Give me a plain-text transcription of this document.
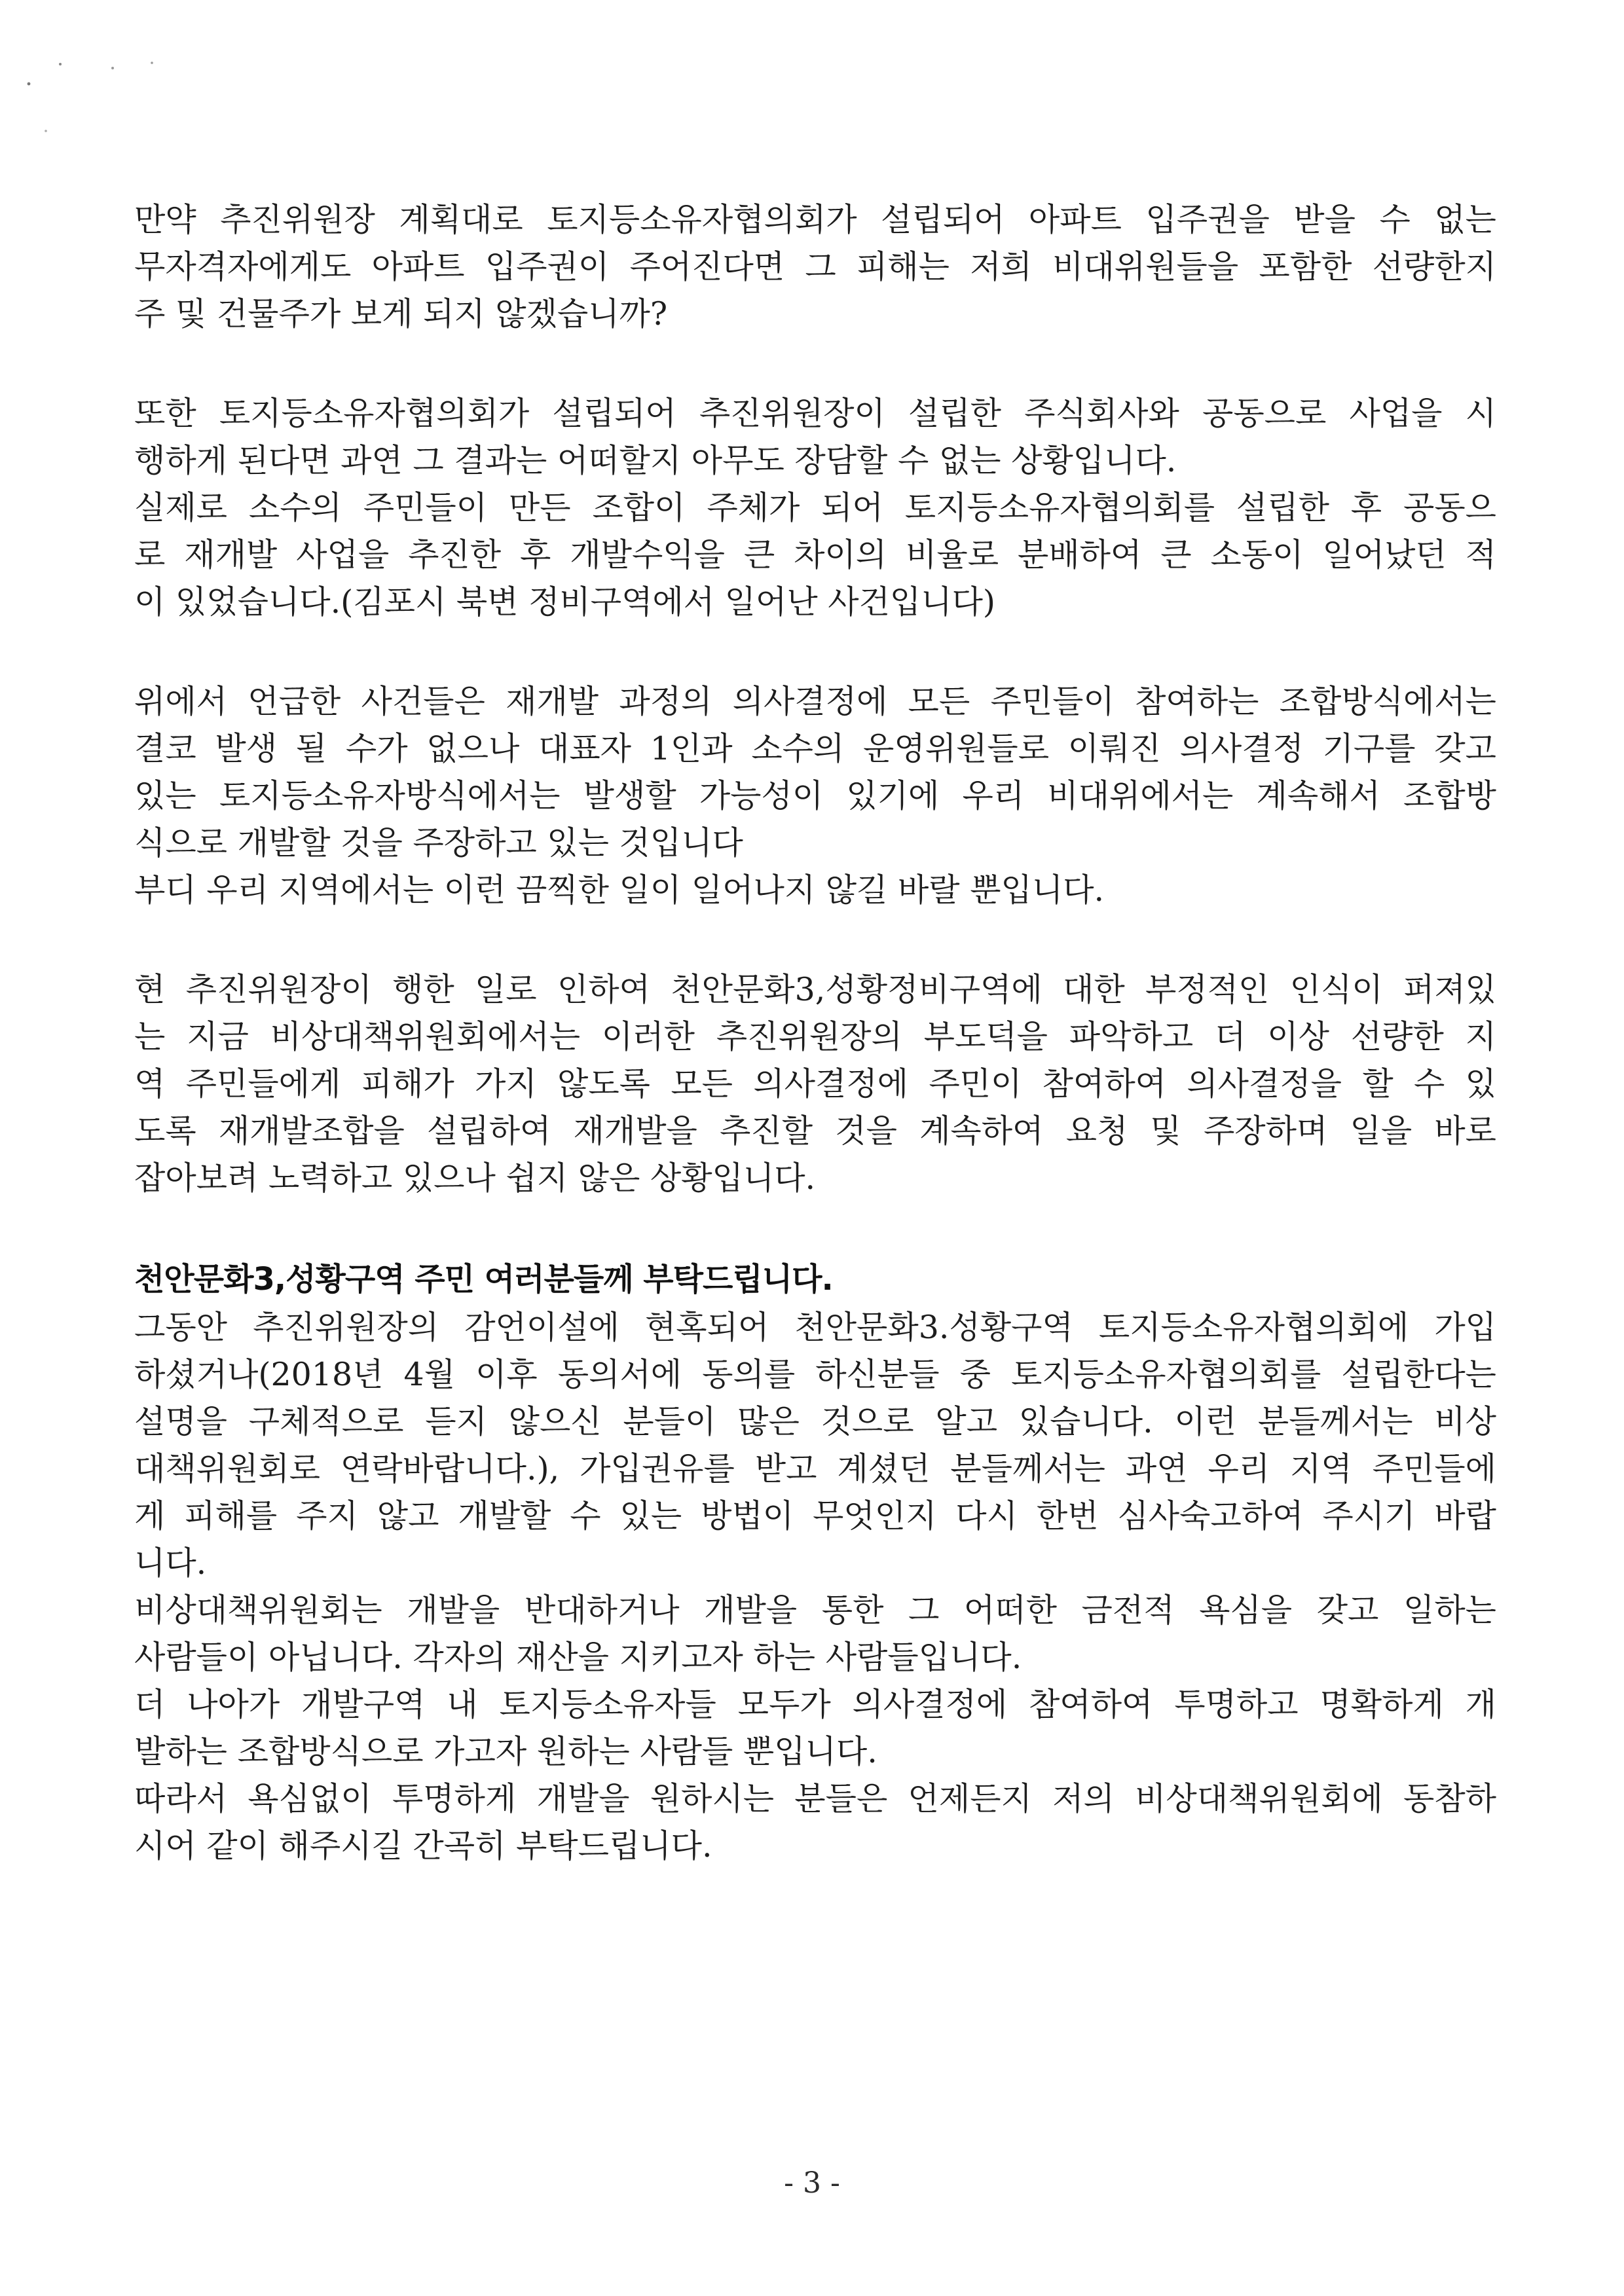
만약 추진위원장 계획대로 토지등소유자협의회가 설립되어 아파트 입주권을 받을 수 없는
무자격자에게도 아파트 입주권이 주어진다면 그 피해는 저희 비대위원들을 포함한 선량한지
주 및 건물주가 보게 되지 않겠습니까?
또한 토지등소유자협의회가 설립되어 추진위원장이 설립한 주식회사와 공동으로 사업을 시
행하게 된다면 과연 그 결과는 어떠할지 아무도 장담할 수 없는 상황입니다.
실제로 소수의 주민들이 만든 조합이 주체가 되어 토지등소유자협의회를 설립한 후 공동으
로 재개발 사업을 추진한 후 개발수익을 큰 차이의 비율로 분배하여 큰 소동이 일어났던 적
이 있었습니다.(김포시 북변 정비구역에서 일어난 사건입니다)
위에서 언급한 사건들은 재개발 과정의 의사결정에 모든 주민들이 참여하는 조합방식에서는
결코 발생 될 수가 없으나 대표자 1인과 소수의 운영위원들로 이뤄진 의사결정 기구를 갖고
있는 토지등소유자방식에서는 발생할 가능성이 있기에 우리 비대위에서는 계속해서 조합방
식으로 개발할 것을 주장하고 있는 것입니다
부디 우리 지역에서는 이런 끔찍한 일이 일어나지 않길 바랄 뿐입니다.
현 추진위원장이 행한 일로 인하여 천안문화3,성황정비구역에 대한 부정적인 인식이 퍼져있
는 지금 비상대책위원회에서는 이러한 추진위원장의 부도덕을 파악하고 더 이상 선량한 지
역 주민들에게 피해가 가지 않도록 모든 의사결정에 주민이 참여하여 의사결정을 할 수 있
도록 재개발조합을 설립하여 재개발을 추진할 것을 계속하여 요청 및 주장하며 일을 바로
잡아보려 노력하고 있으나 쉽지 않은 상황입니다.
천안문화3,성황구역 주민 여러분들께 부탁드립니다.
그동안 추진위원장의 감언이설에 현혹되어 천안문화3.성황구역 토지등소유자협의회에 가입
하셨거나(2018년 4월 이후 동의서에 동의를 하신분들 중 토지등소유자협의회를 설립한다는
설명을 구체적으로 듣지 않으신 분들이 많은 것으로 알고 있습니다. 이런 분들께서는 비상
대책위원회로 연락바랍니다.), 가입권유를 받고 계셨던 분들께서는 과연 우리 지역 주민들에
게 피해를 주지 않고 개발할 수 있는 방법이 무엇인지 다시 한번 심사숙고하여 주시기 바랍
니다.
비상대책위원회는 개발을 반대하거나 개발을 통한 그 어떠한 금전적 욕심을 갖고 일하는
사람들이 아닙니다. 각자의 재산을 지키고자 하는 사람들입니다.
더 나아가 개발구역 내 토지등소유자들 모두가 의사결정에 참여하여 투명하고 명확하게 개
발하는 조합방식으로 가고자 원하는 사람들 뿐입니다.
따라서 욕심없이 투명하게 개발을 원하시는 분들은 언제든지 저의 비상대책위원회에 동참하
시어 같이 해주시길 간곡히 부탁드립니다.
- 3 -
